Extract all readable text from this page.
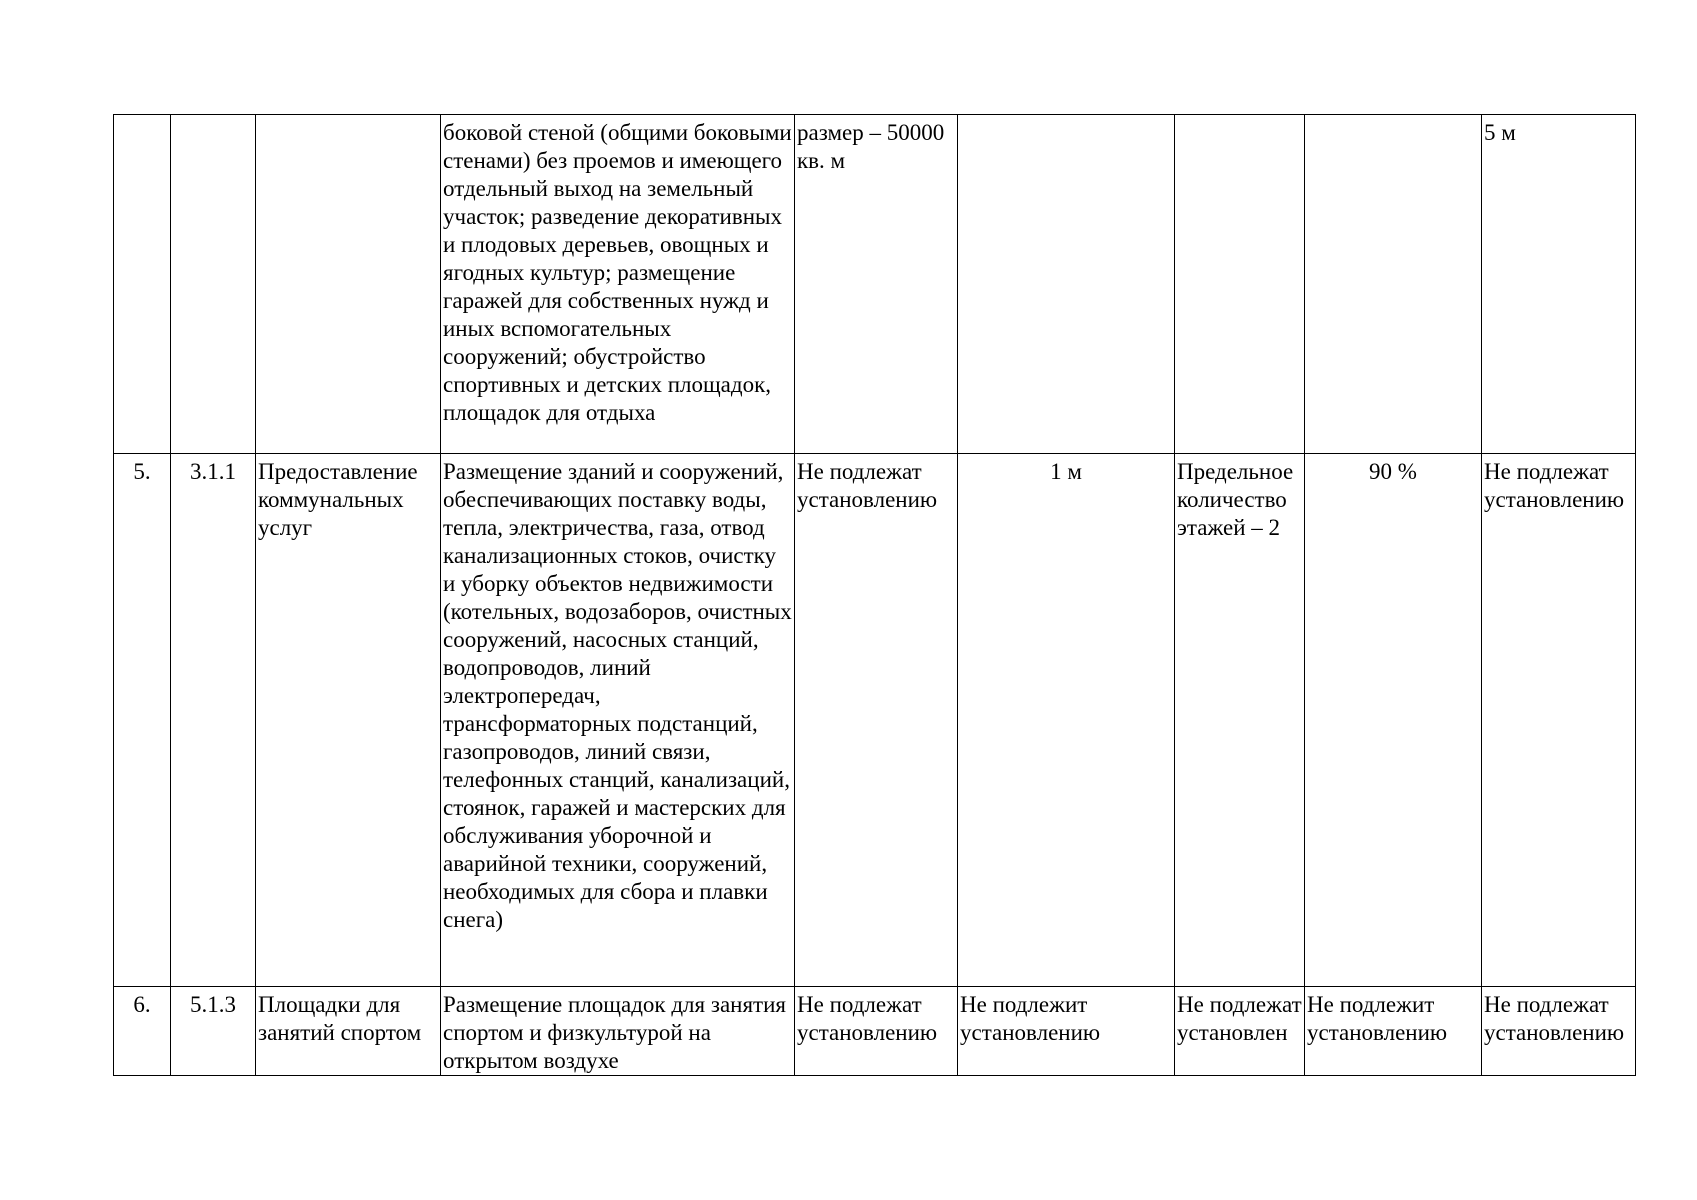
			боковой стеной (общими боковыми стенами) без проемов и имеющего отдельный выход на земельный участок; разведение декоративных и плодовых деревьев, овощных и ягодных культур; размещение гаражей для собственных нужд и иных вспомогательных сооружений; обустройство спортивных и детских площадок, площадок для отдыха	размер – 50000 кв. м				5 м
5.	3.1.1	Предоставление коммунальных услуг	Размещение зданий и сооружений, обеспечивающих поставку воды, тепла, электричества, газа, отвод канализационных стоков, очистку и уборку объектов недвижимости (котельных, водозаборов, очистных сооружений, насосных станций, водопроводов, линий электропередач, трансформаторных подстанций, газопроводов, линий связи, телефонных станций, канализаций, стоянок, гаражей и мастерских для обслуживания уборочной и аварийной техники, сооружений, необходимых для сбора и плавки снега)	Не подлежат установлению	1 м	Предельное количество этажей – 2	90 %	Не подлежат установлению
6.	5.1.3	Площадки для занятий спортом	Размещение площадок для занятия спортом и физкультурой на открытом воздухе	Не подлежат установлению	Не подлежит установлению	Не подлежат установлен	Не подлежит установлению	Не подлежат установлению
